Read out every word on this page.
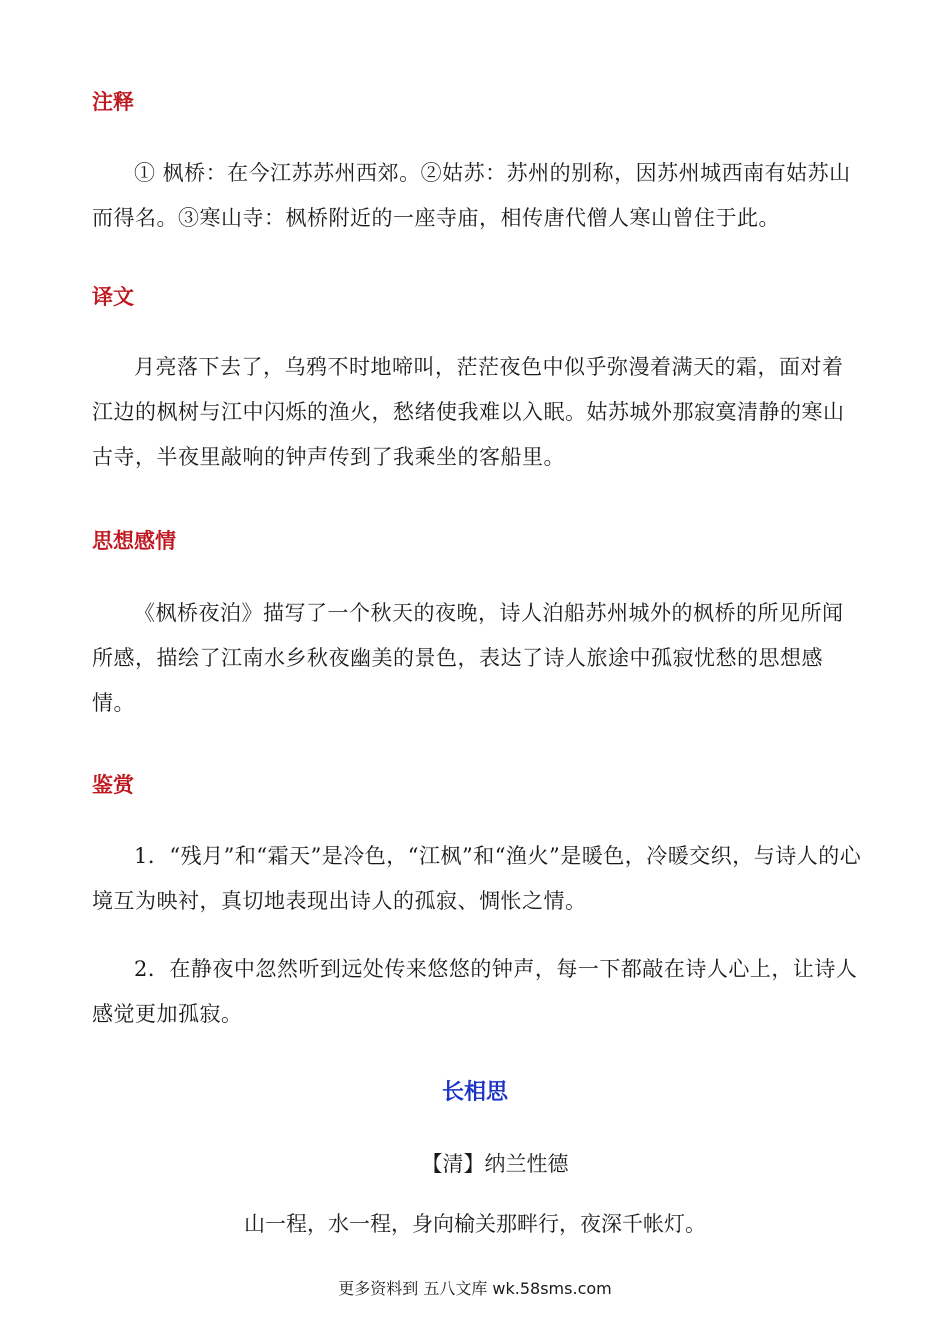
注释

① 枫桥：在今江苏苏州西郊。②姑苏：苏州的别称，因苏州城西南有姑苏山而得名。③寒山寺：枫桥附近的一座寺庙，相传唐代僧人寒山曾住于此。

译文

月亮落下去了，乌鸦不时地啼叫，茫茫夜色中似乎弥漫着满天的霜，面对着江边的枫树与江中闪烁的渔火，愁绪使我难以入眠。姑苏城外那寂寞清静的寒山古寺，半夜里敲响的钟声传到了我乘坐的客船里。

思想感情

《枫桥夜泊》描写了一个秋天的夜晚，诗人泊船苏州城外的枫桥的所见所闻所感，描绘了江南水乡秋夜幽美的景色，表达了诗人旅途中孤寂忧愁的思想感情。

鉴赏

1．“残月”和“霜天”是冷色，“江枫”和“渔火”是暖色，冷暖交织，与诗人的心境互为映衬，真切地表现出诗人的孤寂、惆怅之情。

2．在静夜中忽然听到远处传来悠悠的钟声，每一下都敲在诗人心上，让诗人感觉更加孤寂。

长相思
【清】纳兰性德
山一程，水一程，身向榆关那畔行，夜深千帐灯。
更多资料到 五八文库 wk.58sms.com
